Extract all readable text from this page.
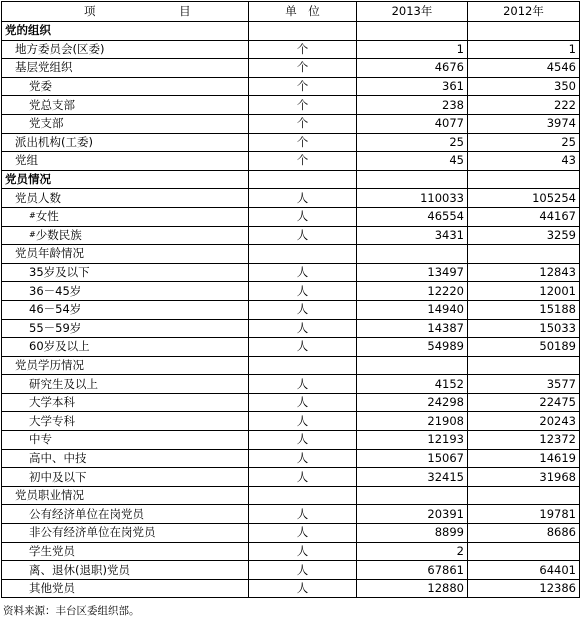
项 目	单　位	2013年	2012年
党的组织			
地方委员会(区委)	个	1	1
基层党组织	个	4676	4546
党委	个	361	350
党总支部	个	238	222
党支部	个	4077	3974
派出机构(工委)	个	25	25
党组	个	45	43
党员情况			
党员人数	人	110033	105254
#女性	人	46554	44167
#少数民族	人	3431	3259
党员年龄情况			
35岁及以下	人	13497	12843
36－45岁	人	12220	12001
46－54岁	人	14940	15188
55－59岁	人	14387	15033
60岁及以上	人	54989	50189
党员学历情况			
研究生及以上	人	4152	3577
大学本科	人	24298	22475
大学专科	人	21908	20243
中专	人	12193	12372
高中、中技	人	15067	14619
初中及以下	人	32415	31968
党员职业情况			
公有经济单位在岗党员	人	20391	19781
非公有经济单位在岗党员	人	8899	8686
学生党员	人	2	
离、退休(退职)党员	人	67861	64401
其他党员	人	12880	12386
资料来源：丰台区委组织部。
